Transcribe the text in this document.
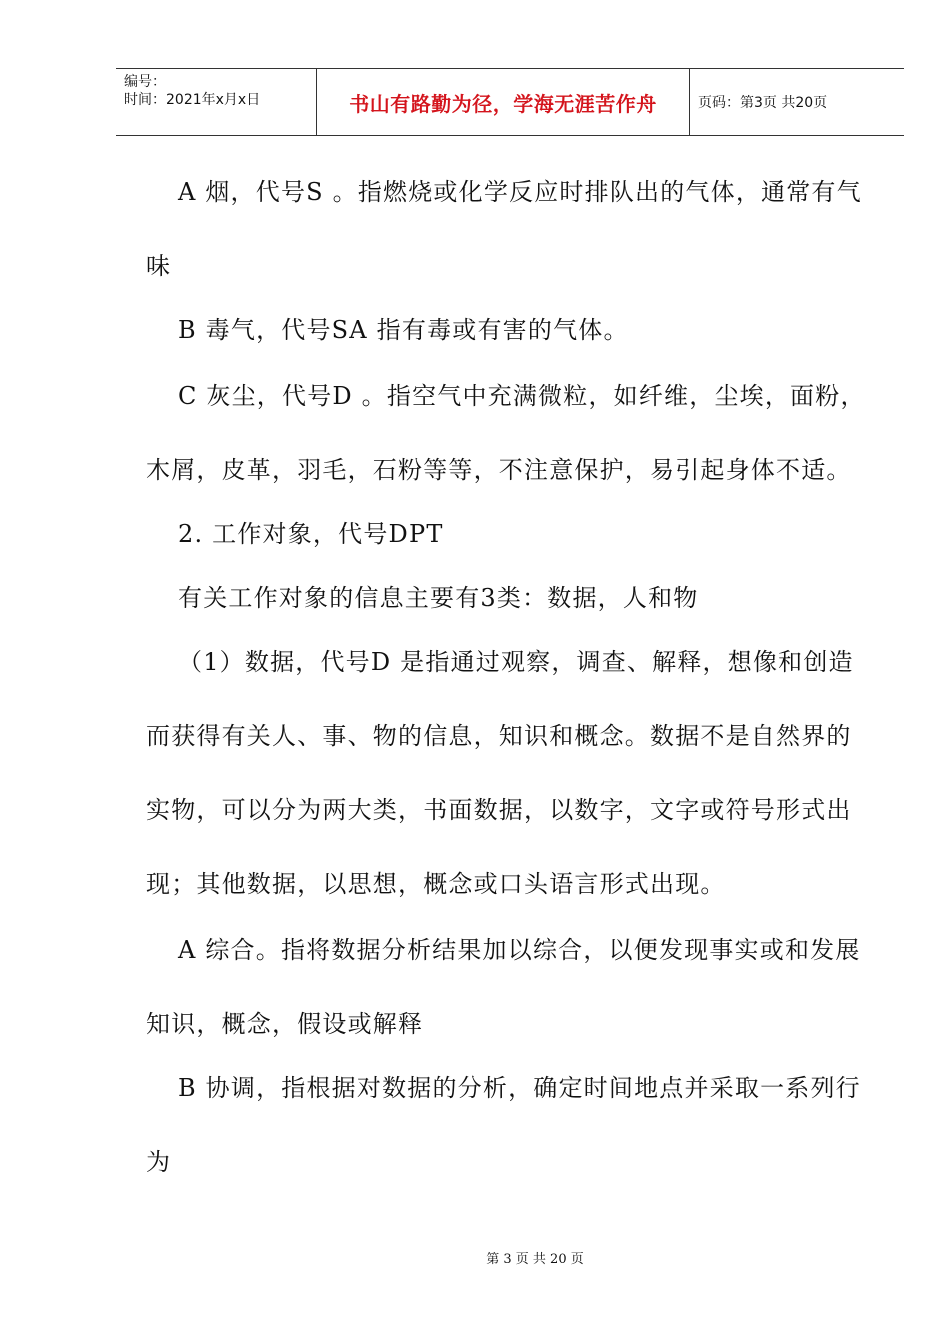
编号：
时间：2021年x月x日	书山有路勤为径，学海无涯苦作舟	页码：第3页 共20页
A 烟，代号S 。指燃烧或化学反应时排队出的气体，通常有气
味
B 毒气，代号SA 指有毒或有害的气体。
C 灰尘，代号D 。指空气中充满微粒，如纤维，尘埃，面粉，
木屑，皮革，羽毛，石粉等等，不注意保护，易引起身体不适。
2. 工作对象，代号DPT
有关工作对象的信息主要有3类：数据，人和物
（1）数据，代号D 是指通过观察，调查、解释，想像和创造
而获得有关人、事、物的信息，知识和概念。数据不是自然界的
实物，可以分为两大类，书面数据，以数字，文字或符号形式出
现；其他数据，以思想，概念或口头语言形式出现。
A 综合。指将数据分析结果加以综合，以便发现事实或和发展
知识，概念，假设或解释
B 协调，指根据对数据的分析，确定时间地点并采取一系列行
为
第 3 页 共 20 页
